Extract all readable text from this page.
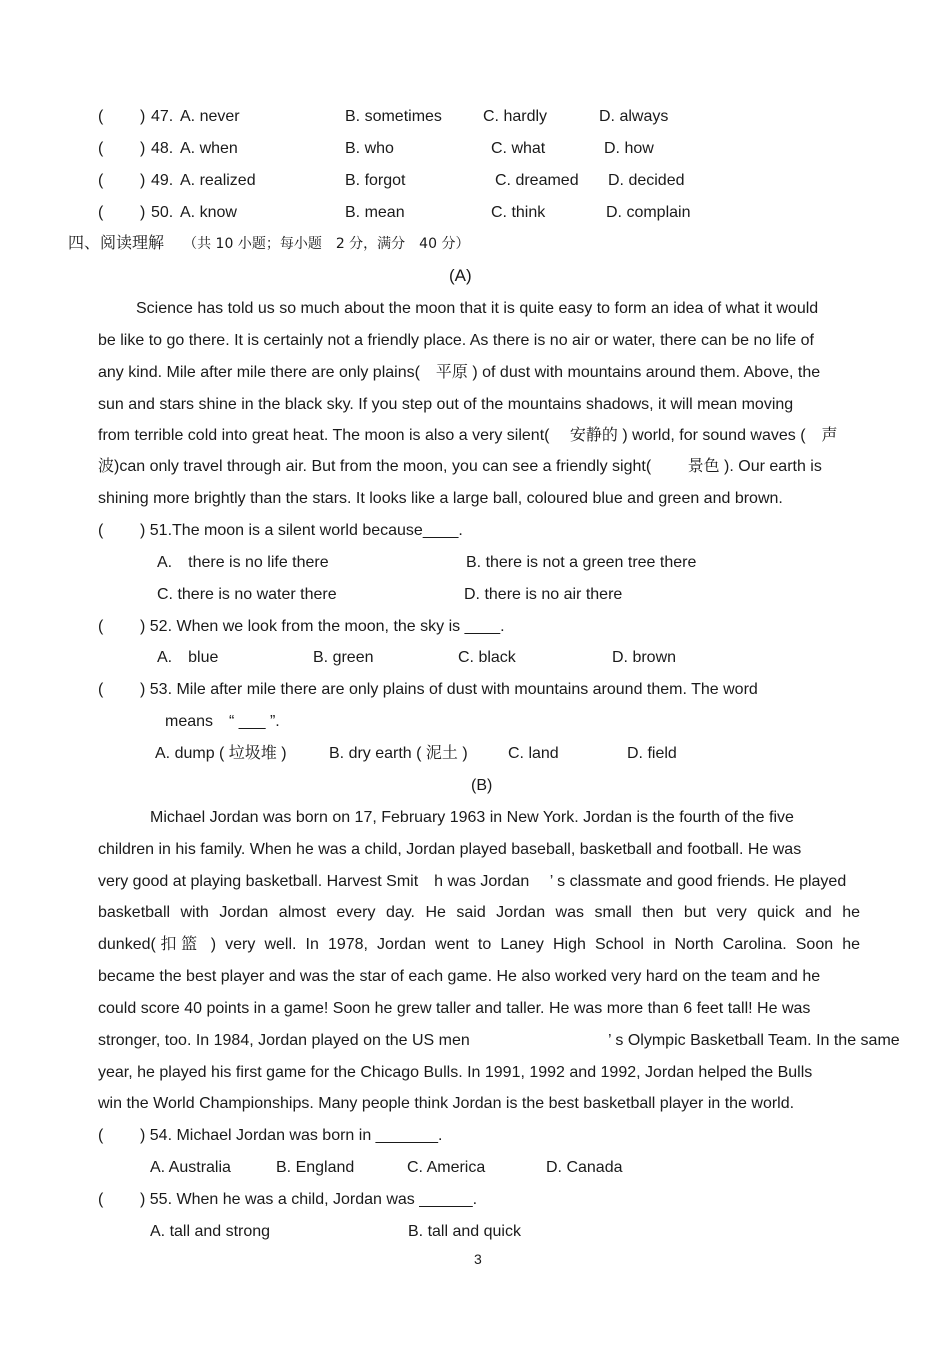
( ) 47. A. never	B. sometimes	C. hardly	D. always
( ) 48. A. when	B. who	C. what	D. how
( ) 49. A. realized	B. forgot	C. dreamed D. decided
( ) 50. A. know	B. mean	C. think	D. complain
四、阅读理解 （共 10 小题；每小题　2 分，满分　40 分）
(A)
Science has told us so much about the moon that it is quite easy to form an idea of what it would
be like to go there. It is certainly not a friendly place. As there is no air or water, there can be no life of
any kind. Mile after mile there are only plains(　平原 ) of dust with mountains around them. Above, the
sun and stars shine in the black sky. If you step out of the mountains shadows, it will mean moving
from terrible cold into great heat. The moon is also a very silent(　 安静的 ) world, for sound waves (　声
波)can only travel through air. But from the moon, you can see a friendly sight(　 　景色 ). Our earth is
shining more brightly than the stars. It looks like a large ball, coloured blue and green and brown.
( ) 51.The moon is a silent world because____.
A.　there is no life there	B. there is not a green tree there
C. there is no water there	D. there is no air there
( ) 52. When we look from the moon, the sky is ____.
A.　blue	B. green	C. black	D. brown
( ) 53. Mile after mile there are only plains of dust with mountains around them. The word
means　“ ___ ”.
A. dump ( 垃圾堆 )	B. dry earth ( 泥土 )	C. land	D. field
(B)
Michael Jordan was born on 17, February 1963 in New York. Jordan is the fourth of the five
children in his family. When he was a child, Jordan played baseball, basketball and football. He was
very good at playing basketball. Harvest Smit　h was Jordan　 ’ s classmate and good friends. He played
basketball with Jordan almost every day. He said Jordan was small then but very quick and he
dunked(扣篮 ) very well. In 1978, Jordan went to Laney High School in North Carolina. Soon he
became the best player and was the star of each game. He also worked very hard on the team and he
could score 40 points in a game! Soon he grew taller and taller. He was more than 6 feet tall! He was
stronger, too. In 1984, Jordan played on the US men	’ s Olympic Basketball Team. In the same
year, he played his first game for the Chicago Bulls. In 1991, 1992 and 1992, Jordan helped the Bulls
win the World Championships. Many people think Jordan is the best basketball player in the world.
( ) 54. Michael Jordan was born in _______.
A. Australia	B. England	C. America	D. Canada
( ) 55. When he was a child, Jordan was ______.
A. tall and strong	B. tall and quick
3
